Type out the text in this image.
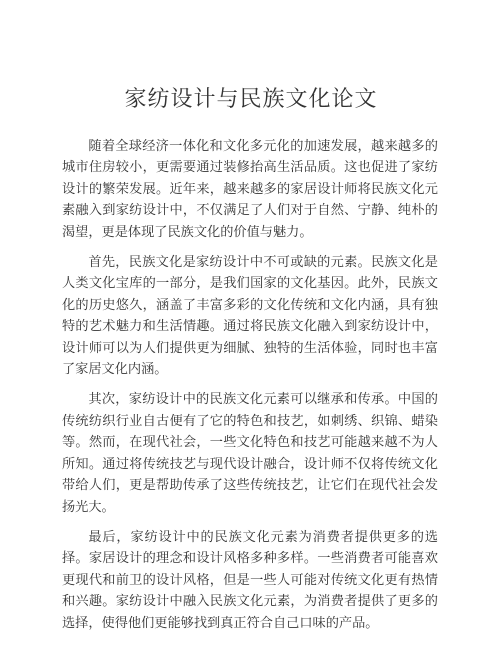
家纺设计与民族文化论文

随着全球经济一体化和文化多元化的加速发展，越来越多的城市住房较小，更需要通过装修抬高生活品质。这也促进了家纺设计的繁荣发展。近年来，越来越多的家居设计师将民族文化元素融入到家纺设计中，不仅满足了人们对于自然、宁静、纯朴的渴望，更是体现了民族文化的价值与魅力。

首先，民族文化是家纺设计中不可或缺的元素。民族文化是人类文化宝库的一部分，是我们国家的文化基因。此外，民族文化的历史悠久，涵盖了丰富多彩的文化传统和文化内涵，具有独特的艺术魅力和生活情趣。通过将民族文化融入到家纺设计中，设计师可以为人们提供更为细腻、独特的生活体验，同时也丰富了家居文化内涵。

其次，家纺设计中的民族文化元素可以继承和传承。中国的传统纺织行业自古便有了它的特色和技艺，如刺绣、织锦、蜡染等。然而，在现代社会，一些文化特色和技艺可能越来越不为人所知。通过将传统技艺与现代设计融合，设计师不仅将传统文化带给人们，更是帮助传承了这些传统技艺，让它们在现代社会发扬光大。

最后，家纺设计中的民族文化元素为消费者提供更多的选择。家居设计的理念和设计风格多种多样。一些消费者可能喜欢更现代和前卫的设计风格，但是一些人可能对传统文化更有热情和兴趣。家纺设计中融入民族文化元素，为消费者提供了更多的选择，使得他们更能够找到真正符合自己口味的产品。
